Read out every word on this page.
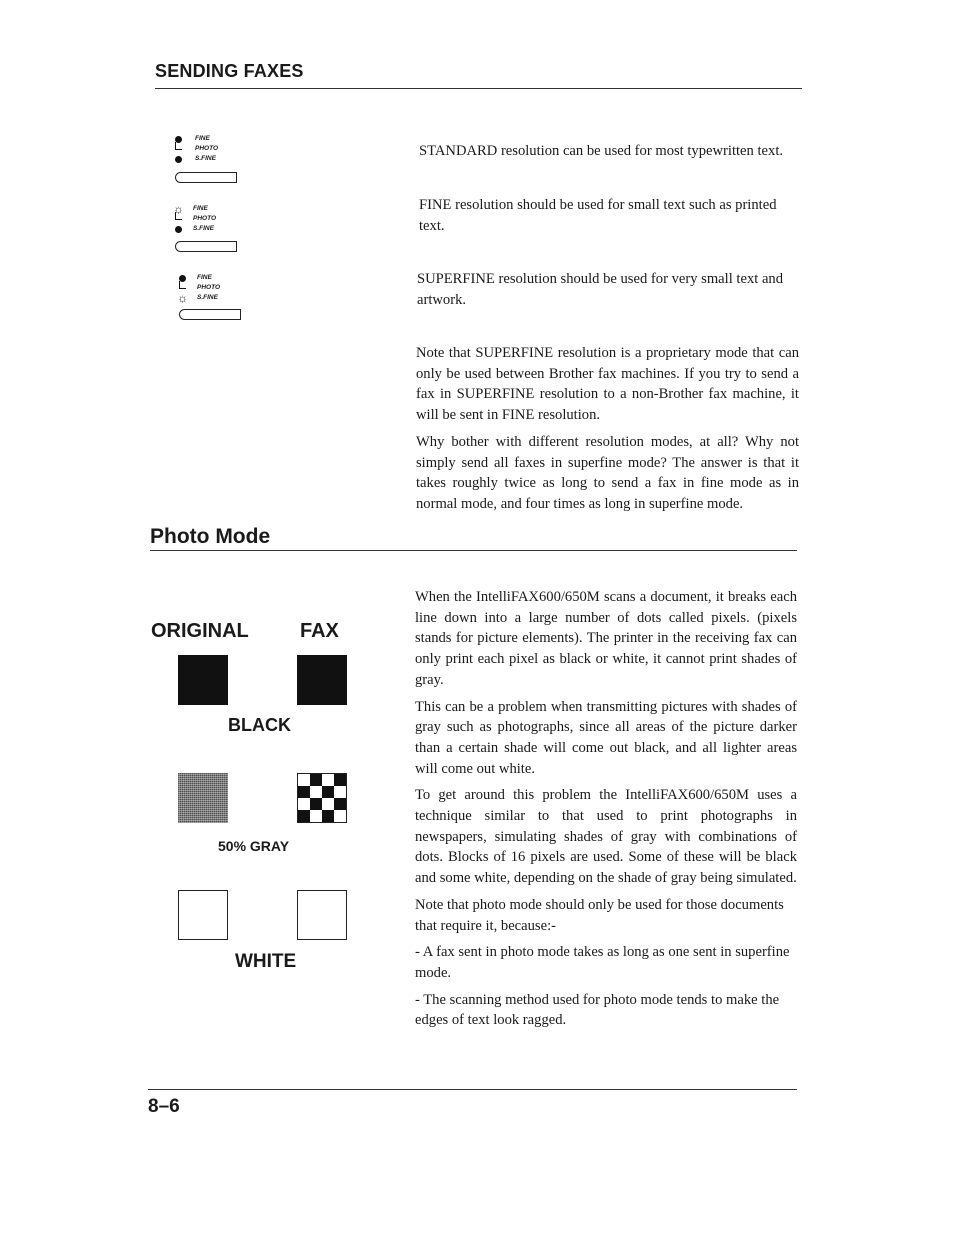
SENDING FAXES
FINE
PHOTO
S.FINE	STANDARD resolution can be used for most typewritten text.
☼ FINE
PHOTO
S.FINE
FINE resolution should be used for small text such as printed text.
☼
FINE
PHOTO
S.FINE
SUPERFINE resolution should be used for very small text and artwork.
Note that SUPERFINE resolution is a proprietary mode that can only be used between Brother fax machines. If you try to send a fax in SUPERFINE resolution to a non-Brother fax machine, it will be sent in FINE resolution.
Why bother with different resolution modes, at all? Why not simply send all faxes in superfine mode? The answer is that it takes roughly twice as long to send a fax in fine mode as in normal mode, and four times as long in superfine mode.
Photo Mode
ORIGINAL	FAX
BLACK
50% GRAY
WHITE

When the IntelliFAX600/650M scans a document, it breaks each line down into a large number of dots called pixels. (pixels stands for picture elements). The printer in the receiving fax can only print each pixel as black or white, it cannot print shades of gray.

This can be a problem when transmitting pictures with shades of gray such as photographs, since all areas of the picture darker than a certain shade will come out black, and all lighter areas will come out white.

To get around this problem the IntelliFAX600/650M uses a technique similar to that used to print photographs in newspapers, simulating shades of gray with combinations of dots. Blocks of 16 pixels are used. Some of these will be black and some white, depending on the shade of gray being simulated.

Note that photo mode should only be used for those documents that require it, because:-

- A fax sent in photo mode takes as long as one sent in superfine mode.

- The scanning method used for photo mode tends to make the edges of text look ragged.

8–6
